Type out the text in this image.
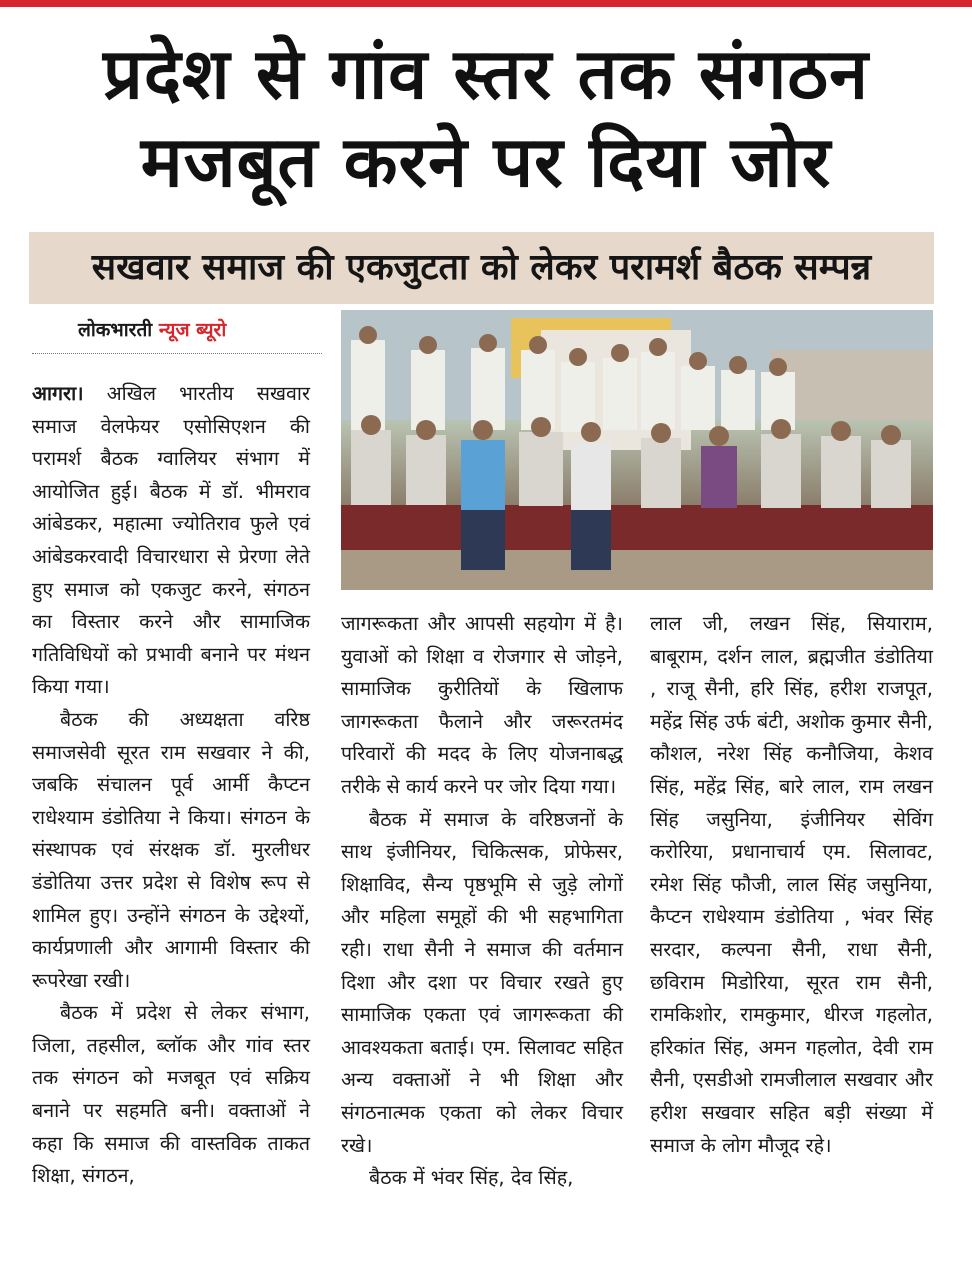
प्रदेश से गांव स्तर तक संगठन
मजबूत करने पर दिया जोर
सखवार समाज की एकजुटता को लेकर परामर्श बैठक सम्पन्न
लोकभारती न्यूज ब्यूरो

आगरा। अखिल भारतीय सखवार समाज वेलफेयर एसोसिएशन की परामर्श बैठक ग्वालियर संभाग में आयोजित हुई। बैठक में डॉ. भीमराव आंबेडकर, महात्मा ज्योतिराव फुले एवं आंबेडकरवादी विचारधारा से प्रेरणा लेते हुए समाज को एकजुट करने, संगठन का विस्तार करने और सामाजिक गतिविधियों को प्रभावी बनाने पर मंथन किया गया।

बैठक की अध्यक्षता वरिष्ठ समाजसेवी सूरत राम सखवार ने की, जबकि संचालन पूर्व आर्मी कैप्टन राधेश्याम डंडोतिया ने किया। संगठन के संस्थापक एवं संरक्षक डॉ. मुरलीधर डंडोतिया उत्तर प्रदेश से विशेष रूप से शामिल हुए। उन्होंने संगठन के उद्देश्यों, कार्यप्रणाली और आगामी विस्तार की रूपरेखा रखी।

बैठक में प्रदेश से लेकर संभाग, जिला, तहसील, ब्लॉक और गांव स्तर तक संगठन को मजबूत एवं सक्रिय बनाने पर सहमति बनी। वक्ताओं ने कहा कि समाज की वास्तविक ताकत शिक्षा, संगठन,

जागरूकता और आपसी सहयोग में है। युवाओं को शिक्षा व रोजगार से जोड़ने, सामाजिक कुरीतियों के खिलाफ जागरूकता फैलाने और जरूरतमंद परिवारों की मदद के लिए योजनाबद्ध तरीके से कार्य करने पर जोर दिया गया।

बैठक में समाज के वरिष्ठजनों के साथ इंजीनियर, चिकित्सक, प्रोफेसर, शिक्षाविद, सैन्य पृष्ठभूमि से जुड़े लोगों और महिला समूहों की भी सहभागिता रही। राधा सैनी ने समाज की वर्तमान दिशा और दशा पर विचार रखते हुए सामाजिक एकता एवं जागरूकता की आवश्यकता बताई। एम. सिलावट सहित अन्य वक्ताओं ने भी शिक्षा और संगठनात्मक एकता को लेकर विचार रखे।

बैठक में भंवर सिंह, देव सिंह,

लाल जी, लखन सिंह, सियाराम, बाबूराम, दर्शन लाल, ब्रह्मजीत डंडोतिया , राजू सैनी, हरि सिंह, हरीश राजपूत, महेंद्र सिंह उर्फ बंटी, अशोक कुमार सैनी, कौशल, नरेश सिंह कनौजिया, केशव सिंह, महेंद्र सिंह, बारे लाल, राम लखन सिंह जसुनिया, इंजीनियर सेविंग करोरिया, प्रधानाचार्य एम. सिलावट, रमेश सिंह फौजी, लाल सिंह जसुनिया, कैप्टन राधेश्याम डंडोतिया , भंवर सिंह सरदार, कल्पना सैनी, राधा सैनी, छविराम मिडोरिया, सूरत राम सैनी, रामकिशोर, रामकुमार, धीरज गहलोत, हरिकांत सिंह, अमन गहलोत, देवी राम सैनी, एसडीओ रामजीलाल सखवार और हरीश सखवार सहित बड़ी संख्या में समाज के लोग मौजूद रहे।
